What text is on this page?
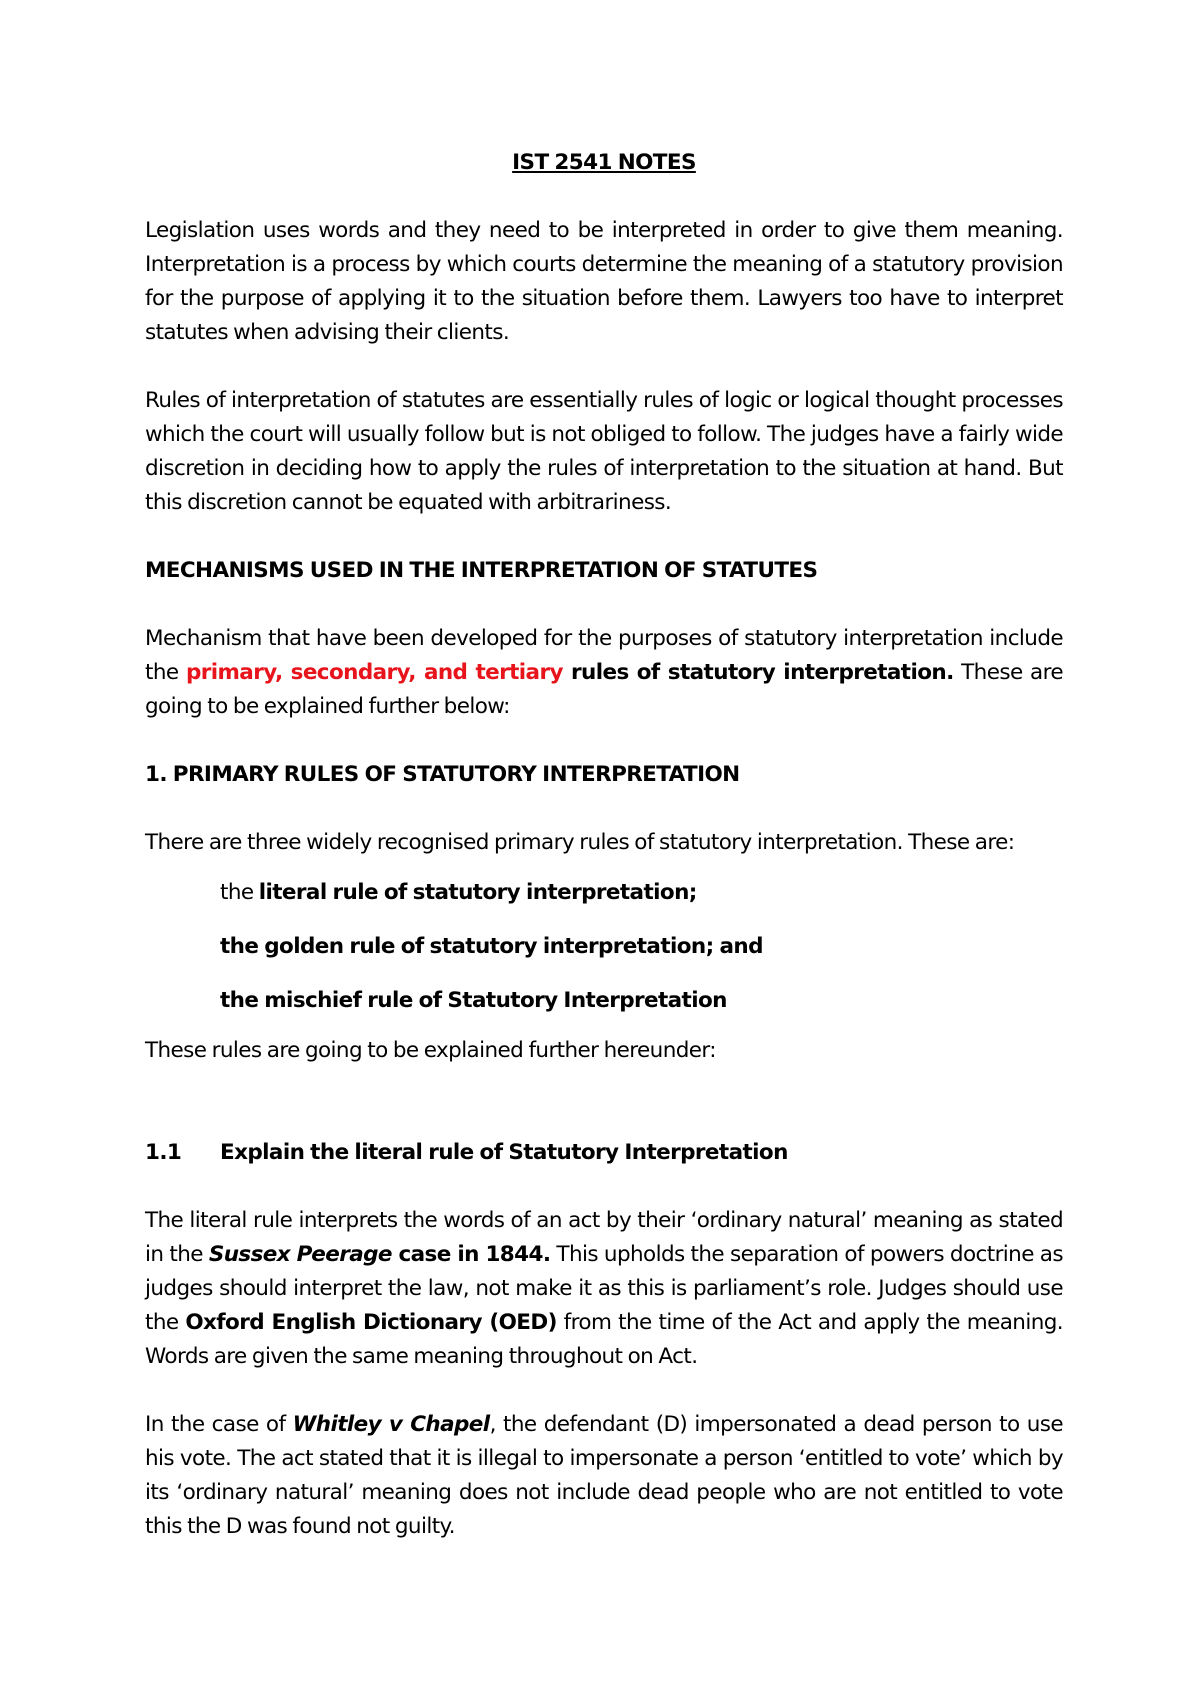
IST 2541 NOTES

Legislation uses words and they need to be interpreted in order to give them meaning. Interpretation is a process by which courts determine the meaning of a statutory provision for the purpose of applying it to the situation before them. Lawyers too have to interpret statutes when advising their clients.

Rules of interpretation of statutes are essentially rules of logic or logical thought processes which the court will usually follow but is not obliged to follow. The judges have a fairly wide discretion in deciding how to apply the rules of interpretation to the situation at hand. But this discretion cannot be equated with arbitrariness.

MECHANISMS USED IN THE INTERPRETATION OF STATUTES

Mechanism that have been developed for the purposes of statutory interpretation include the primary, secondary, and tertiary rules of statutory interpretation. These are going to be explained further below:

1. PRIMARY RULES OF STATUTORY INTERPRETATION

There are three widely recognised primary rules of statutory interpretation. These are:

the literal rule of statutory interpretation;
the golden rule of statutory interpretation; and
the mischief rule of Statutory Interpretation

These rules are going to be explained further hereunder:

1.1	Explain the literal rule of Statutory Interpretation

The literal rule interprets the words of an act by their ‘ordinary natural’ meaning as stated in the Sussex Peerage case in 1844. This upholds the separation of powers doctrine as judges should interpret the law, not make it as this is parliament’s role. Judges should use the Oxford English Dictionary (OED) from the time of the Act and apply the meaning. Words are given the same meaning throughout on Act.

In the case of Whitley v Chapel, the defendant (D) impersonated a dead person to use his vote. The act stated that it is illegal to impersonate a person ‘entitled to vote’ which by its ‘ordinary natural’ meaning does not include dead people who are not entitled to vote this the D was found not guilty.
